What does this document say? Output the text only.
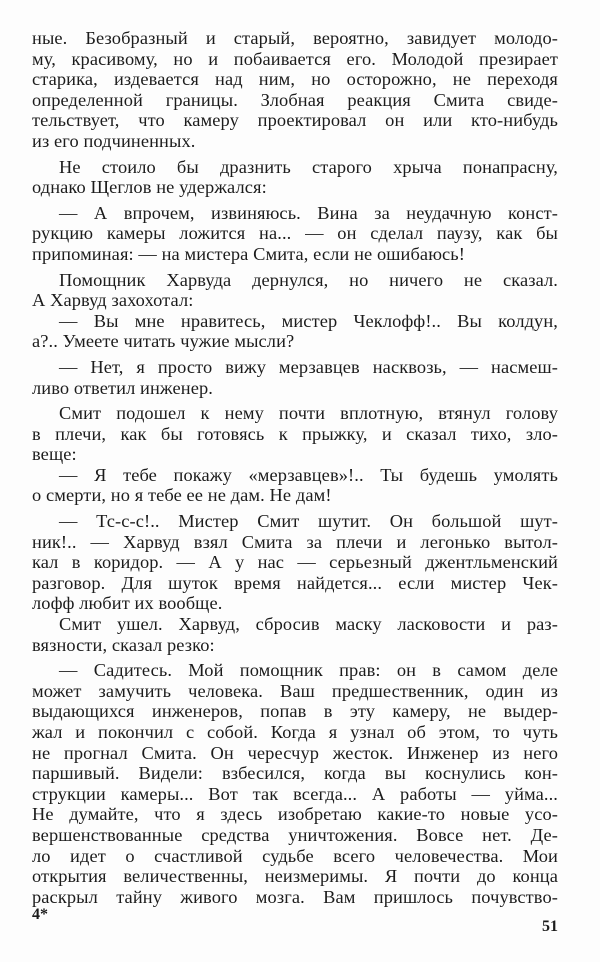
ные. Безобразный и старый, вероятно, завидует молодо-
му, красивому, но и побаивается его. Молодой презирает
старика, издевается над ним, но осторожно, не переходя
определенной границы. Злобная реакция Смита свиде-
тельствует, что камеру проектировал он или кто-нибудь
из его подчиненных.
Не стоило бы дразнить старого хрыча понапрасну,
однако Щеглов не удержался:
— А впрочем, извиняюсь. Вина за неудачную конст-
рукцию камеры ложится на... — он сделал паузу, как бы
припоминая: — на мистера Смита, если не ошибаюсь!
Помощник Харвуда дернулся, но ничего не сказал.
А Харвуд захохотал:
— Вы мне нравитесь, мистер Чеклофф!.. Вы колдун,
а?.. Умеете читать чужие мысли?
— Нет, я просто вижу мерзавцев насквозь, — насмеш-
ливо ответил инженер.
Смит подошел к нему почти вплотную, втянул голову
в плечи, как бы готовясь к прыжку, и сказал тихо, зло-
веще:
— Я тебе покажу «мерзавцев»!.. Ты будешь умолять
о смерти, но я тебе ее не дам. Не дам!
— Тс-с-с!.. Мистер Смит шутит. Он большой шут-
ник!.. — Харвуд взял Смита за плечи и легонько вытол-
кал в коридор. — А у нас — серьезный джентльменский
разговор. Для шуток время найдется... если мистер Чек-
лофф любит их вообще.
Смит ушел. Харвуд, сбросив маску ласковости и раз-
вязности, сказал резко:
— Садитесь. Мой помощник прав: он в самом деле
может замучить человека. Ваш предшественник, один из
выдающихся инженеров, попав в эту камеру, не выдер-
жал и покончил с собой. Когда я узнал об этом, то чуть
не прогнал Смита. Он чересчур жесток. Инженер из него
паршивый. Видели: взбесился, когда вы коснулись кон-
струкции камеры... Вот так всегда... А работы — уйма...
Не думайте, что я здесь изобретаю какие-то новые усо-
вершенствованные средства уничтожения. Вовсе нет. Де-
ло идет о счастливой судьбе всего человечества. Мои
открытия величественны, неизмеримы. Я почти до конца
раскрыл тайну живого мозга. Вам пришлось почувство-
4*
51
